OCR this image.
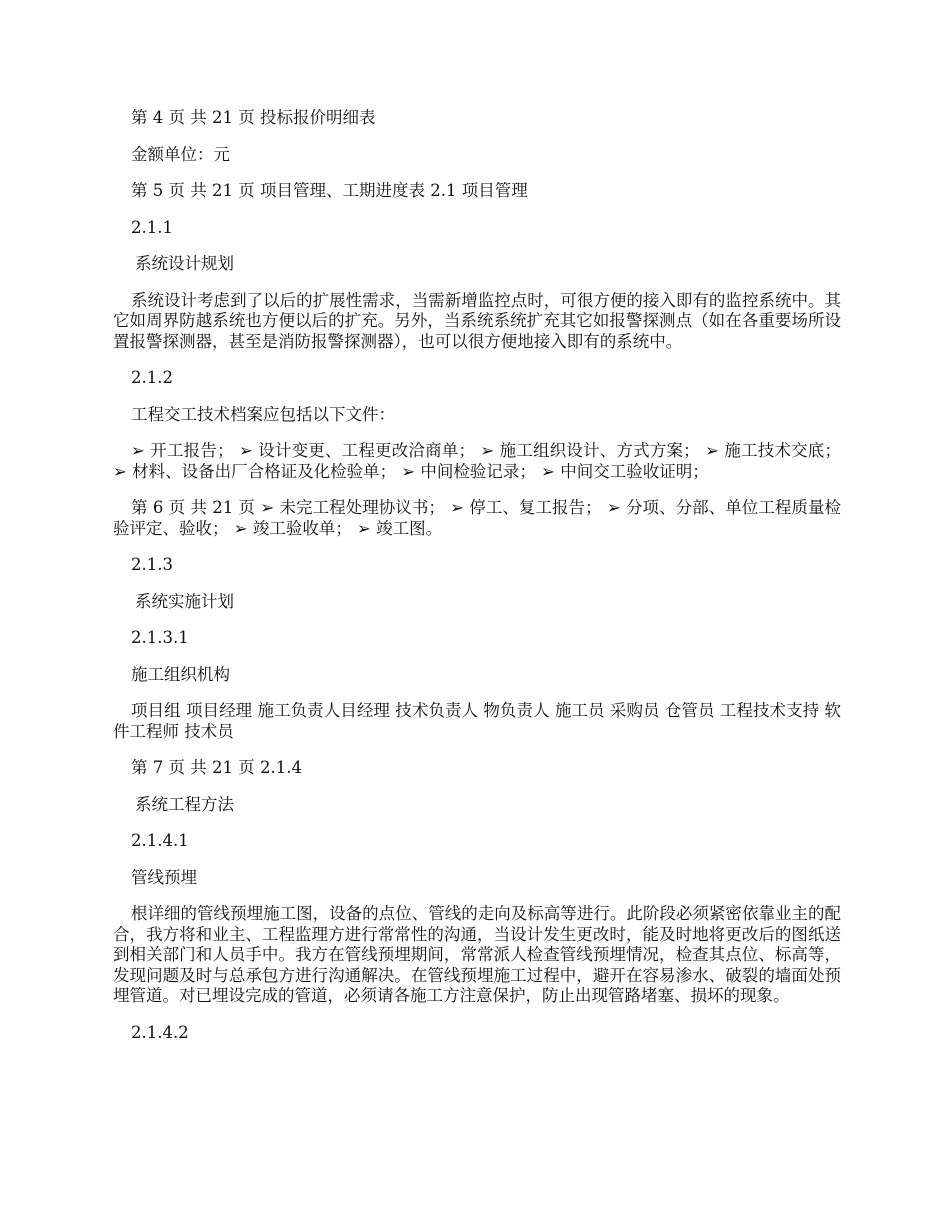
第 4 页 共 21 页 投标报价明细表

金额单位：元

第 5 页 共 21 页 项目管理、工期进度表 2.1 项目管理

2.1.1

系统设计规划

系统设计考虑到了以后的扩展性需求，当需新增监控点时，可很方便的接入即有的监控系统中。其它如周界防越系统也方便以后的扩充。另外，当系统系统扩充其它如报警探测点（如在各重要场所设置报警探测器，甚至是消防报警探测器），也可以很方便地接入即有的系统中。

2.1.2

工程交工技术档案应包括以下文件：

➢ 开工报告； ➢ 设计变更、工程更改洽商单； ➢ 施工组织设计、方式方案； ➢ 施工技术交底； ➢ 材料、设备出厂合格证及化检验单； ➢ 中间检验记录； ➢ 中间交工验收证明；

第 6 页 共 21 页 ➢ 未完工程处理协议书； ➢ 停工、复工报告； ➢ 分项、分部、单位工程质量检验评定、验收； ➢ 竣工验收单； ➢ 竣工图。

2.1.3

系统实施计划

2.1.3.1

施工组织机构

项目组 项目经理 施工负责人目经理 技术负责人 物负责人 施工员 采购员 仓管员 工程技术支持 软件工程师 技术员

第 7 页 共 21 页 2.1.4

系统工程方法

2.1.4.1

管线预埋

根详细的管线预埋施工图，设备的点位、管线的走向及标高等进行。此阶段必须紧密依靠业主的配合，我方将和业主、工程监理方进行常常性的沟通，当设计发生更改时，能及时地将更改后的图纸送到相关部门和人员手中。我方在管线预埋期间，常常派人检查管线预埋情况，检查其点位、标高等，发现问题及时与总承包方进行沟通解决。在管线预埋施工过程中，避开在容易渗水、破裂的墙面处预埋管道。对已埋设完成的管道，必须请各施工方注意保护，防止出现管路堵塞、损坏的现象。

2.1.4.2
